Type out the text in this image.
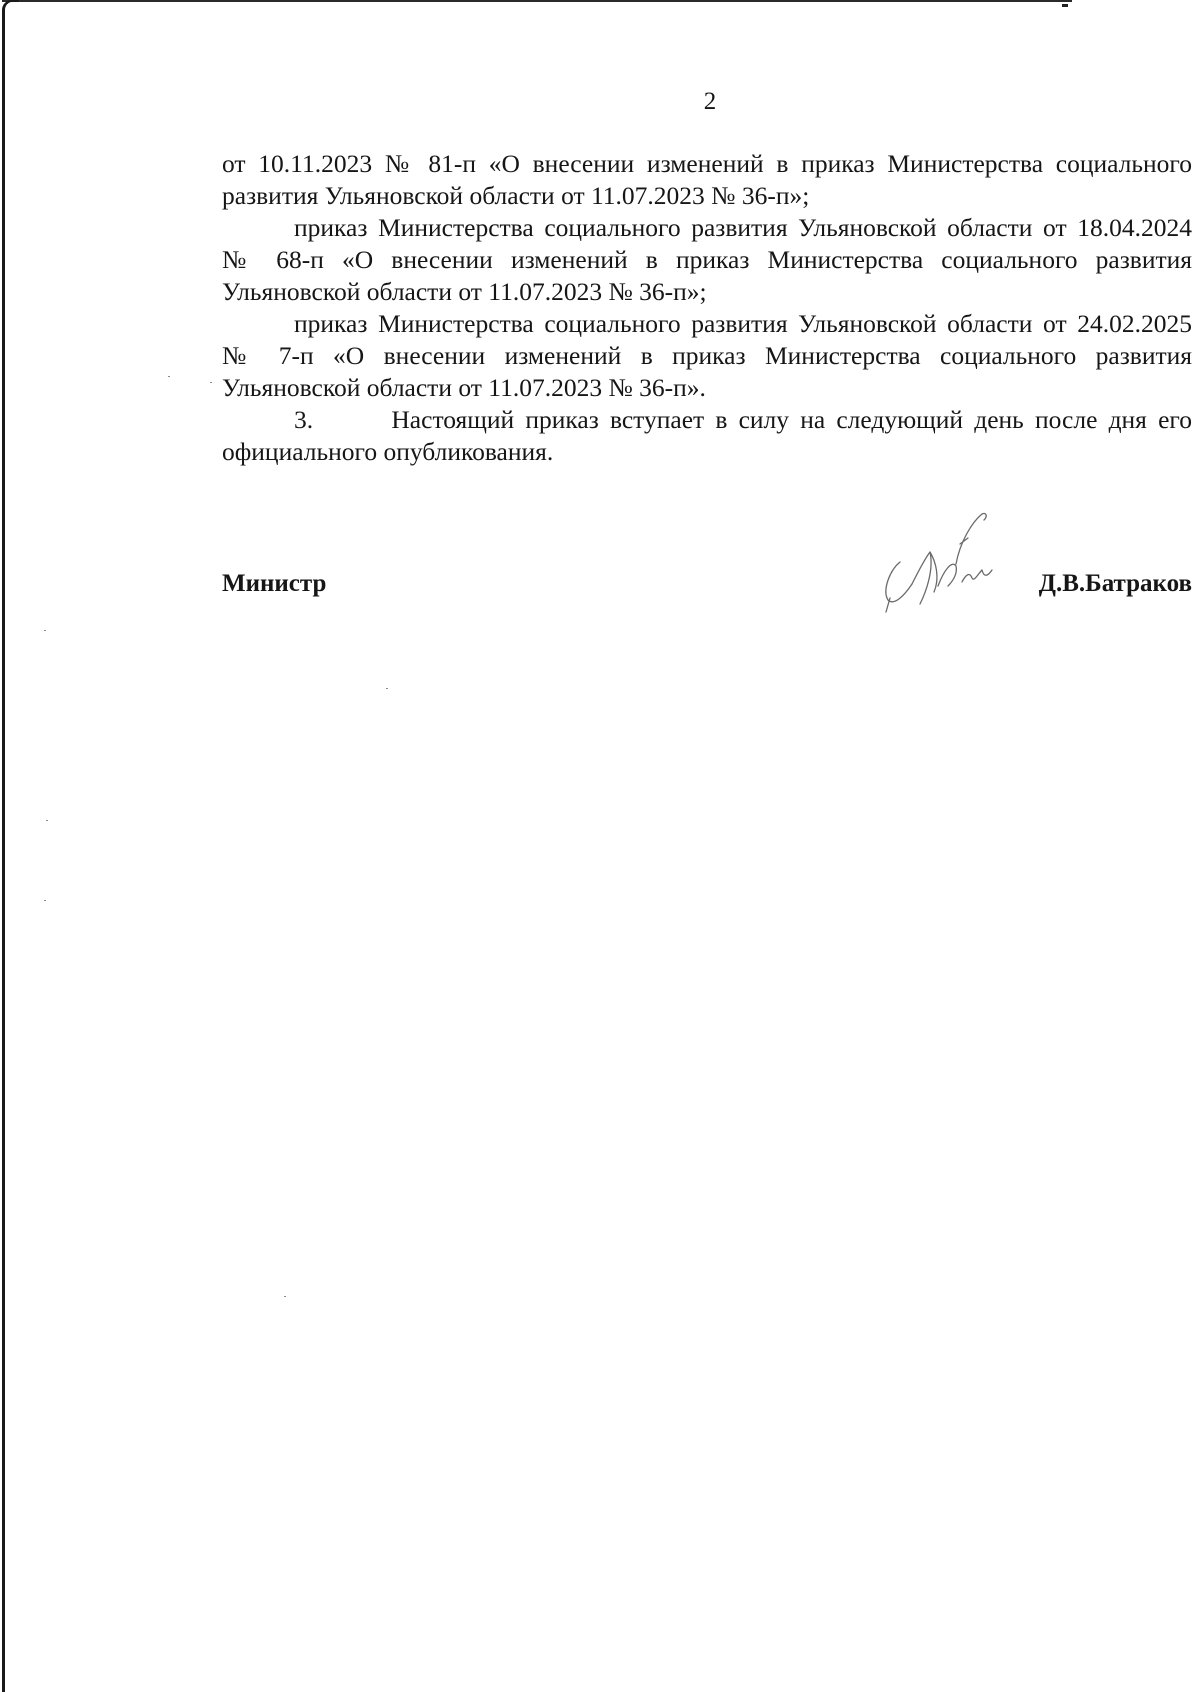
2

от 10.11.2023 № 81-п «О внесении изменений в приказ Министерства социального развития Ульяновской области от 11.07.2023 № 36-п»;

приказ Министерства социального развития Ульяновской области от 18.04.2024 № 68-п «О внесении изменений в приказ Министерства социального развития Ульяновской области от 11.07.2023 № 36-п»;

приказ Министерства социального развития Ульяновской области от 24.02.2025 № 7-п «О внесении изменений в приказ Министерства социального развития Ульяновской области от 11.07.2023 № 36-п».

3.       Настоящий приказ вступает в силу на следующий день после дня его официального опубликования.

Министр	Д.В.Батраков
